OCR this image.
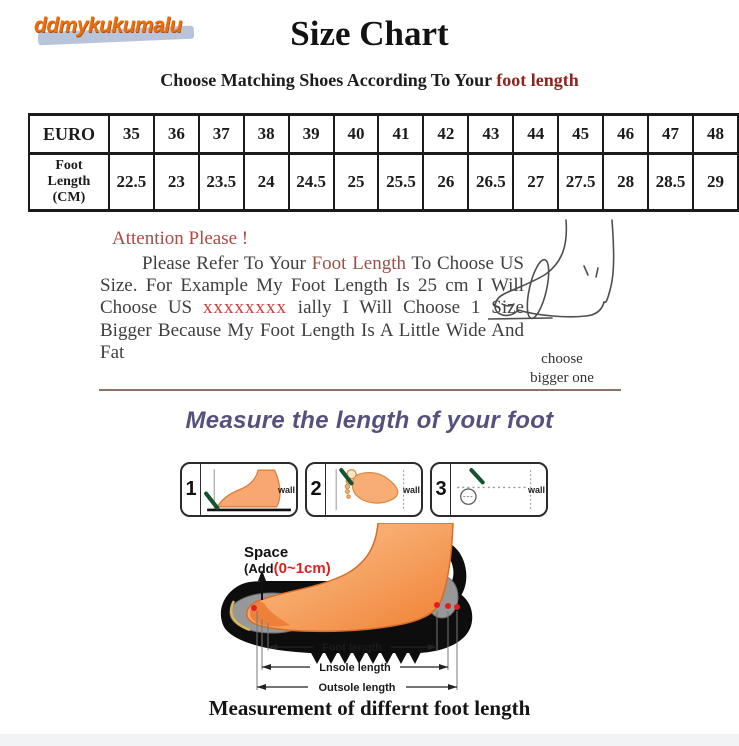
ddmykukumalu	Size Chart
Choose Matching Shoes According To Your foot length
EURO	35	36	37	38	39	40	41	42	43	44	45	46	47	48

Foot
Length
(CM)	22.5	23	23.5	24	24.5	25	25.5	26	26.5	27	27.5	28	28.5	29
Attention Please !
Please Refer To Your Foot Length To Choose US Size. For Example My Foot Length Is 25 cm I Will Choose US xxxxxxxx ially I Will Choose 1 Size Bigger Because My Foot Length Is A Little Wide And Fat	choose
bigger one
Measure the length of your foot
1	wall 2	wall 3	wall
Foot length
Lnsole length
Outsole length
Space
(Add(0~1cm)
Measurement of differnt foot length
